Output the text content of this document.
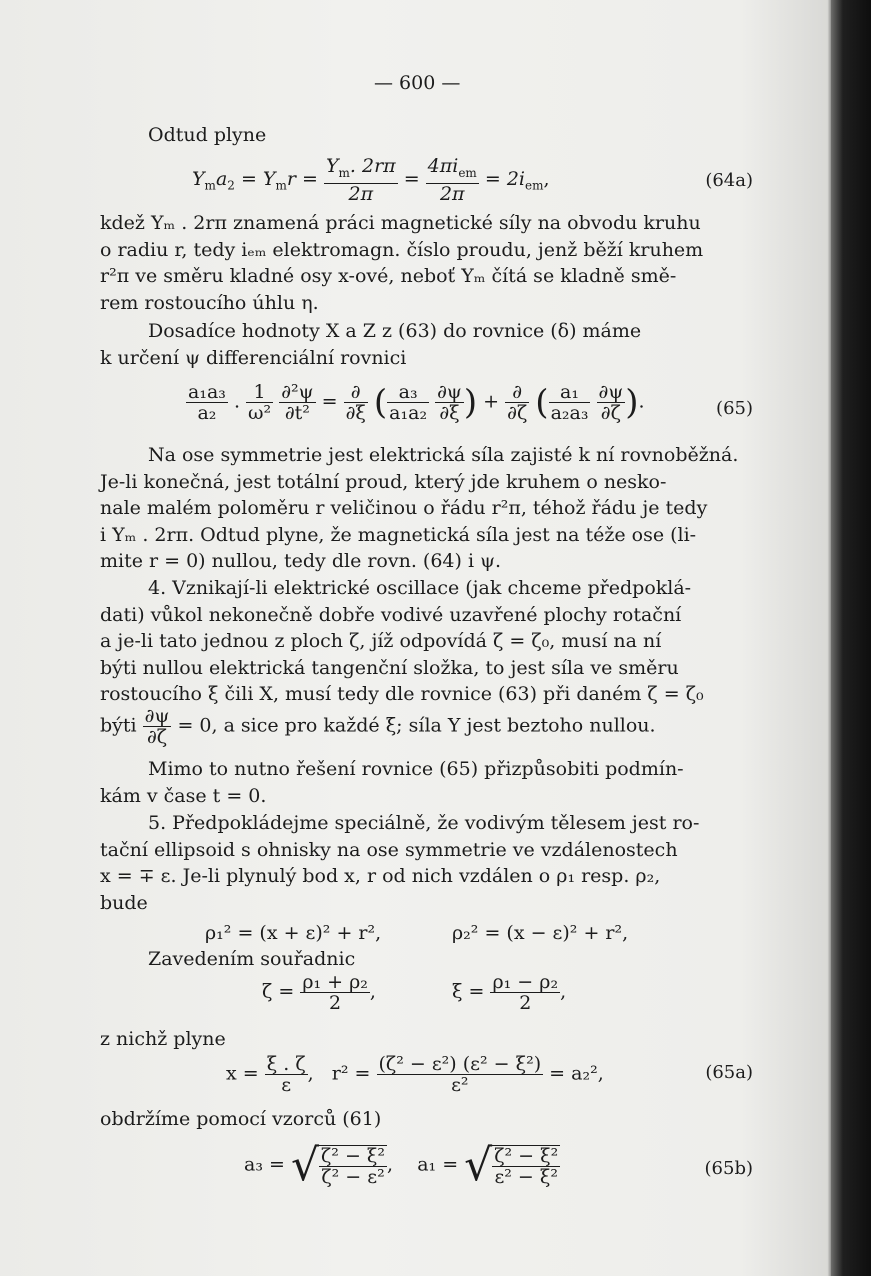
— 600 —
Odtud plyne
$Y_ma_2 = Y_mr = \frac{Y_m. 2r\pi}{2\pi} = \frac{4\pi i_{em}}{2\pi} = 2i_{em}$,	(64a)
kdež Yₘ . 2rπ znamená práci magnetické síly na obvodu kruhu
o radiu r, tedy iₑₘ elektromagn. číslo proudu, jenž běží kruhem
r²π ve směru kladné osy x-ové, neboť Yₘ čítá se kladně smě-
rem rostoucího úhlu η.
Dosadíce hodnoty X a Z z (63) do rovnice (δ) máme
k určení ψ differenciální rovnici
$\frac{\text{a₁a₃}}{\text{a₂}}$ . $\frac{1}{\text{ω²}}$
$\frac{\text{∂²ψ}}{\text{∂t²}} = \frac{\partial}{\partial\xi}$ ( $\frac{\text{a₃}}{\text{a₁a₂}}$
$\frac{\partial\psi}{\partial\xi}$ ) + $\frac{\partial}{\partial\zeta}$ ( $\frac{\text{a₁}}{\text{a₂a₃}}$
$\frac{\partial\psi}{\partial\zeta}$ ).	(65)
Na ose symmetrie jest elektrická síla zajisté k ní rovnoběžná.
Je-li konečná, jest totální proud, který jde kruhem o nesko-
nale malém poloměru r veličinou o řádu r²π, téhož řádu je tedy
i Yₘ . 2rπ. Odtud plyne, že magnetická síla jest na téže ose (li-
mite r = 0) nullou, tedy dle rovn. (64) i ψ.
4. Vznikají-li elektrické oscillace (jak chceme předpoklá-
dati) vůkol nekonečně dobře vodivé uzavřené plochy rotační
a je-li tato jednou z ploch ζ, jíž odpovídá ζ = ζ₀, musí na ní
býti nullou elektrická tangenční složka, to jest síla ve směru
rostoucího ξ čili X, musí tedy dle rovnice (63) při daném ζ = ζ₀
býti $\frac{\partial\psi}{\partial\zeta} = 0$, a sice pro každé ξ; síla Y jest beztoho nullou.
Mimo to nutno řešení rovnice (65) přizpůsobiti podmín-
kám v čase t = 0.
5. Předpokládejme speciálně, že vodivým tělesem jest ro-
tační ellipsoid s ohnisky na ose symmetrie ve vzdálenostech
x = ∓ ε. Je-li plynulý bod x, r od nich vzdálen o ρ₁ resp. ρ₂,
bude
ρ₁² = (x + ε)² + r²,	ρ₂² = (x − ε)² + r²,
Zavedením souřadnic
$\zeta = \frac{\text{ρ₁ + ρ₂}}{2}$ ,	$\xi = \frac{\text{ρ₁ − ρ₂}}{2}$ ,
z nichž plyne
$x = \frac{\xi . \zeta}{\varepsilon}$ , $r^2 = \frac{\text{(ζ² − ε²) (ε² − ξ²)}}{\text{ε²}} = a_2^2$,	(65a)
obdržíme pomocí vzorců (61)
a₃ = √ $\frac{\text{ζ² − ξ²}}{\text{ζ² − ε²}}$ , a₁ = √ $\frac{\text{ζ² − ξ²}}{\text{ε² − ξ²}}$	(65b)
